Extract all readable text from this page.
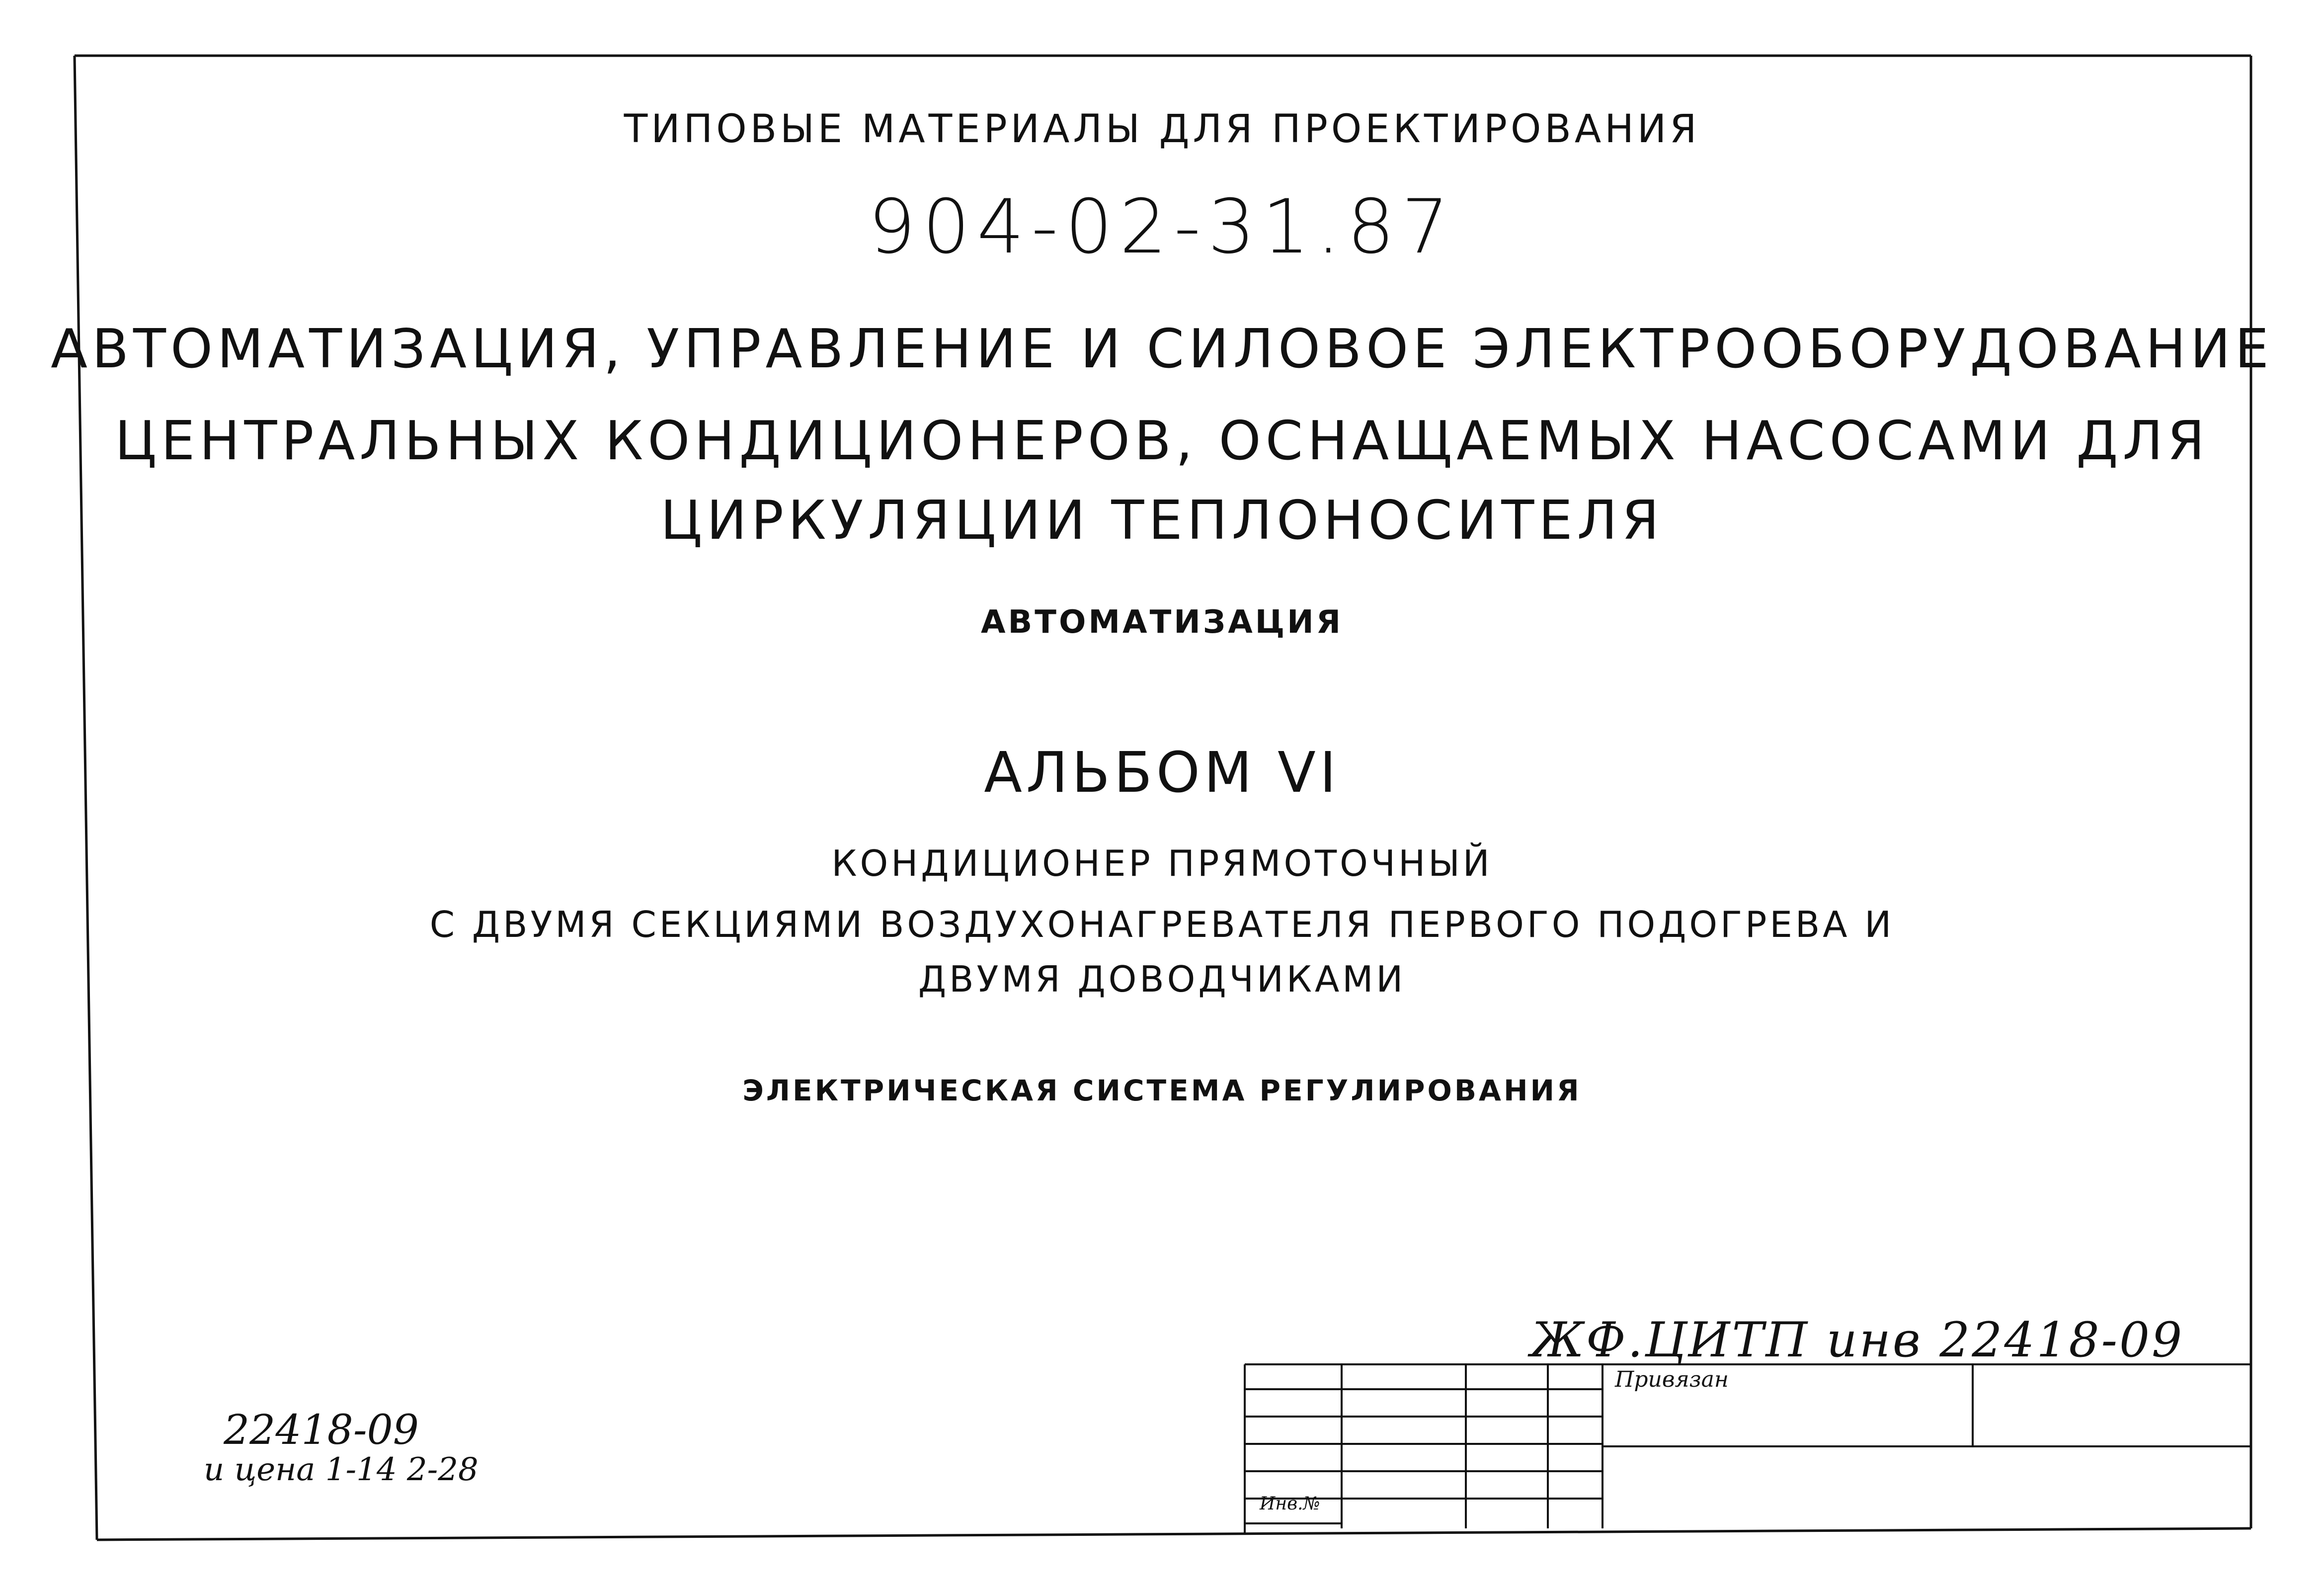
ТИПОВЫЕ МАТЕРИАЛЫ ДЛЯ ПРОЕКТИРОВАНИЯ
904-02-31.87
АВТОМАТИЗАЦИЯ, УПРАВЛЕНИЕ И СИЛОВОЕ ЭЛЕКТРООБОРУДОВАНИЕ
ЦЕНТРАЛЬНЫХ КОНДИЦИОНЕРОВ, ОСНАЩАЕМЫХ НАСОСАМИ ДЛЯ
ЦИРКУЛЯЦИИ ТЕПЛОНОСИТЕЛЯ
АВТОМАТИЗАЦИЯ
АЛЬБОМ VI
КОНДИЦИОНЕР ПРЯМОТОЧНЫЙ
С ДВУМЯ СЕКЦИЯМИ ВОЗДУХОНАГРЕВАТЕЛЯ ПЕРВОГО ПОДОГРЕВА И
ДВУМЯ ДОВОДЧИКАМИ
ЭЛЕКТРИЧЕСКАЯ СИСТЕМА РЕГУЛИРОВАНИЯ
ЖФ.ЦИТП инв 22418-09
22418-09
и цена 1-14 2-28
Привязан
Инв.№
